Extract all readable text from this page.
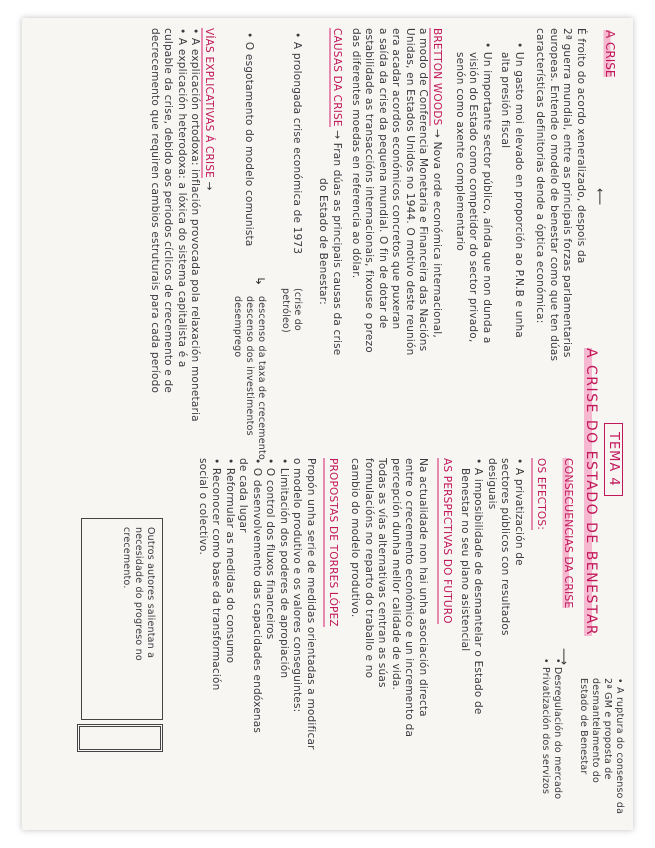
TEMA 4
A CRISE DO ESTADO DE BENESTAR
A CRISE
⟵
É froito do acordo xeneralizado, despois da
2ª guerra mundial, entre as principais forzas parlamentarias
europeas. Entende o modelo de benestar como que ten dúas
características definitorias dende a óptica económica:
• Un gasto moi elevado en proporción ao P.N.B e unha
alta presión fiscal
• Un importante sector público, aínda que non dunda a
visión do Estado como competidor do sector privado,
senón como axente complementario
BRETTON WOODS → Nova orde económica internacional,
a modo de Conferencia Monetaria e Financeira das Nacións
Unidas, en Estados Unidos no 1944. O motivo deste reunión
era acadar acordos económicos concretos que puxeran
a saída da crise da pequena mundial. O fin de dotar de
estabilidade as transaccións internacionais, fixouse o prezo
das diferentes moedas en referencia ao dólar.
CAUSAS DA CRISE → Fran dúas as principais causas da crise
do Estado de Benestar:
• A prolongada crise económica de 1973
(crise do petróleo)
descenso da taxa de crecemento
descenso dos investimentos
desemprego
↳
• O esgotamento do modelo comunista
VÍAS EXPLICATIVAS Á CRISE →
• A explicación ortodoxa: inflación provocada pola relaxación monetaria
• A explicación heterodoxa: a lóxica do sistema capitalista é a
culpable da crise, debido aos periodos cíclicos de crecemento e de
decrecemento que requiren cambios estruturais para cada período
CONSECUENCIAS DA CRISE
OS EFECTOS:
• A privatización de
sectores públicos con resultados
desiguais
• A imposibilidade de desmantelar o Estado de
Benestar no seu plano asistencial
⟶
• A ruptura do consenso da
2ª GM e proposta de
desmantelamento do
Estado de Benestar
• Desregulación do mercado
• Privatización dos servizos
AS PERSPECTIVAS DO FUTURO
Na actualidade non hai unha asociación directa
entre o crecemento económico e un incremento da
percepción dunha mellor calidade de vida.
Todas as vías alternativas centran as súas
formulacións no reparto do traballo e no
cambio do modelo produtivo.
PROPOSTAS DE TORRES LÓPEZ
Propón unha serie de medidas orientadas a modificar
o modelo produtivo e os valores conseguintes:
• Limitación dos poderes de apropiación
• O control dos fluxos financeiros
• O desenvolvemento das capacidades endóxenas
de cada lugar
• Reformular as medidas do consumo
• Reconocer como base da transformación
social o colectivo.
Outros autores salientan a
necesidade do progreso no
crecemento.
